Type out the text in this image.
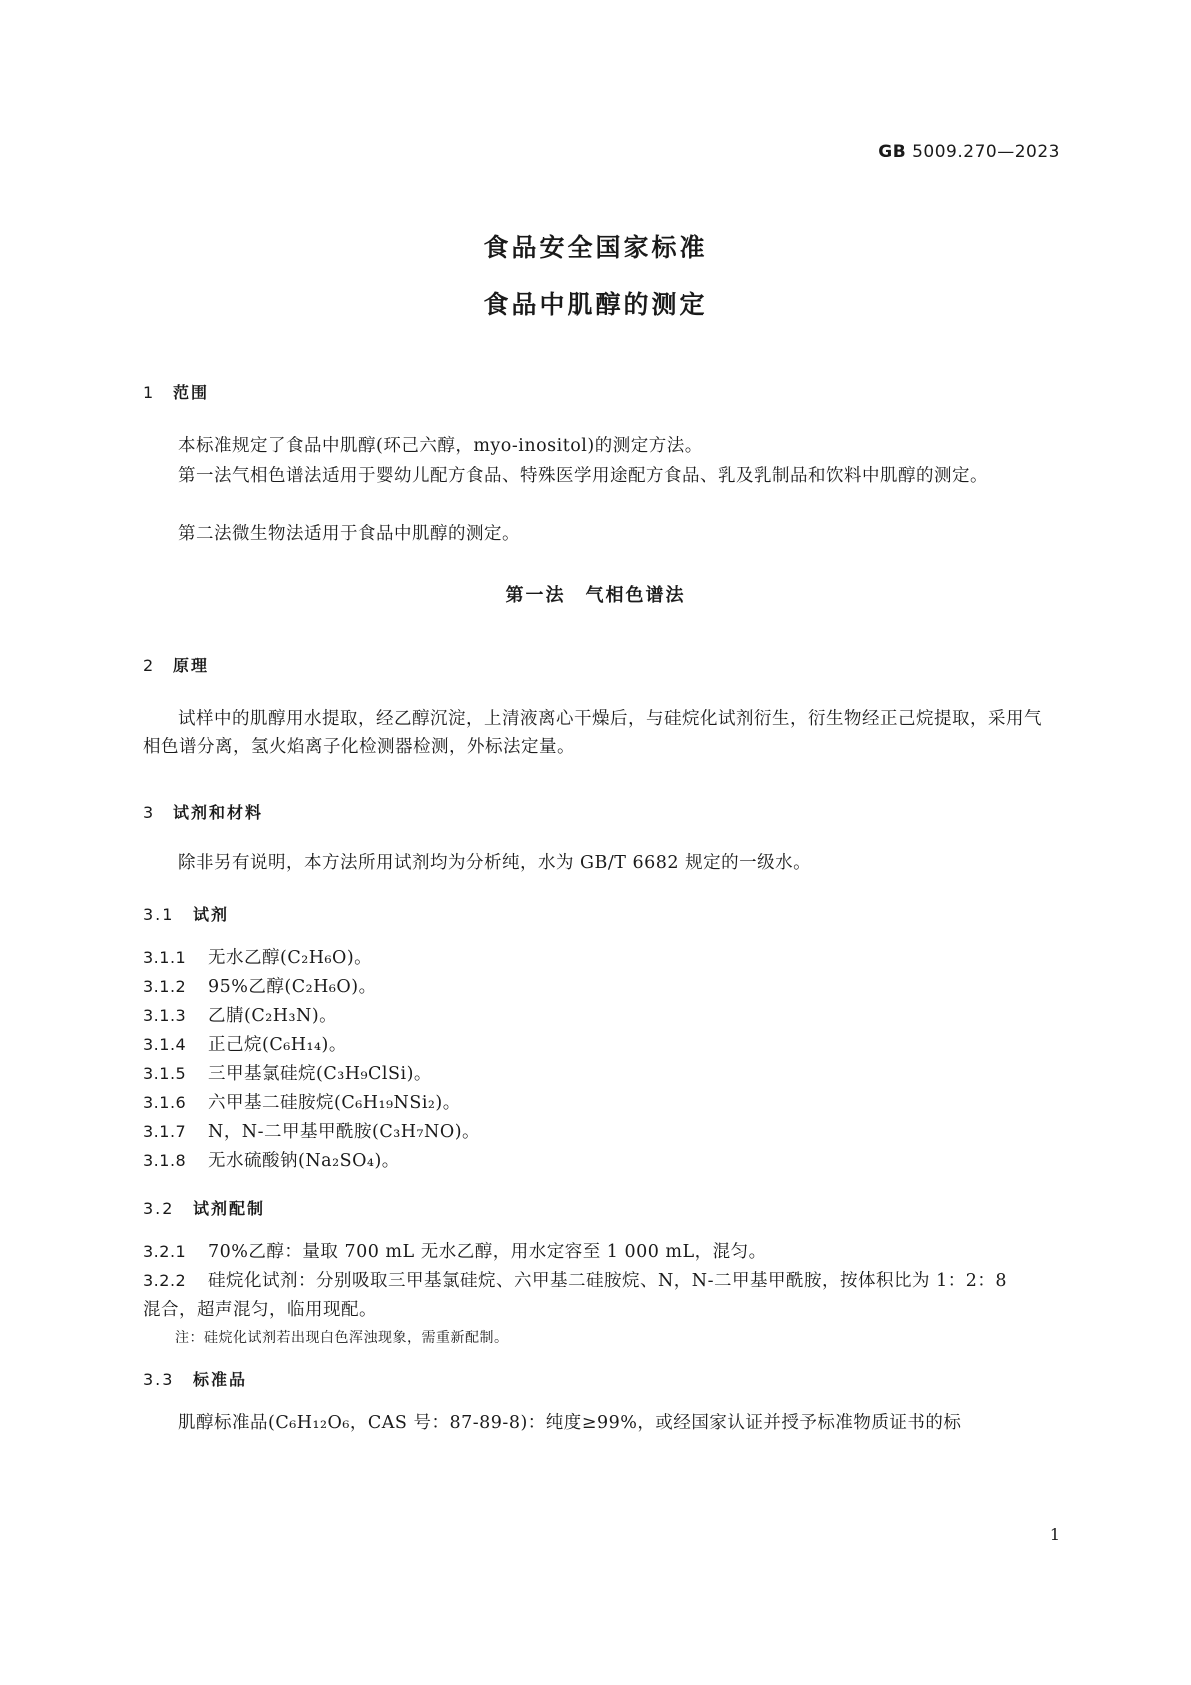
GB 5009.270—2023
食品安全国家标准
食品中肌醇的测定
1 范围
本标准规定了食品中肌醇(环己六醇，myo-inositol)的测定方法。
第一法气相色谱法适用于婴幼儿配方食品、特殊医学用途配方食品、乳及乳制品和饮料中肌醇的测定。
第二法微生物法适用于食品中肌醇的测定。
第一法　气相色谱法
2 原理
试样中的肌醇用水提取，经乙醇沉淀，上清液离心干燥后，与硅烷化试剂衍生，衍生物经正己烷提取，采用气相色谱分离，氢火焰离子化检测器检测，外标法定量。
3 试剂和材料
除非另有说明，本方法所用试剂均为分析纯，水为 GB/T 6682 规定的一级水。
3.1 试剂
3.1.1 无水乙醇(C₂H₆O)。
3.1.2 95%乙醇(C₂H₆O)。
3.1.3 乙腈(C₂H₃N)。
3.1.4 正己烷(C₆H₁₄)。
3.1.5 三甲基氯硅烷(C₃H₉ClSi)。
3.1.6 六甲基二硅胺烷(C₆H₁₉NSi₂)。
3.1.7 N，N-二甲基甲酰胺(C₃H₇NO)。
3.1.8 无水硫酸钠(Na₂SO₄)。
3.2 试剂配制
3.2.1 70%乙醇：量取 700 mL 无水乙醇，用水定容至 1 000 mL，混匀。
3.2.2 硅烷化试剂：分别吸取三甲基氯硅烷、六甲基二硅胺烷、N，N-二甲基甲酰胺，按体积比为 1：2：8
混合，超声混匀，临用现配。
注：硅烷化试剂若出现白色浑浊现象，需重新配制。
3.3 标准品
肌醇标准品(C₆H₁₂O₆，CAS 号：87-89-8)：纯度≥99%，或经国家认证并授予标准物质证书的标
1
